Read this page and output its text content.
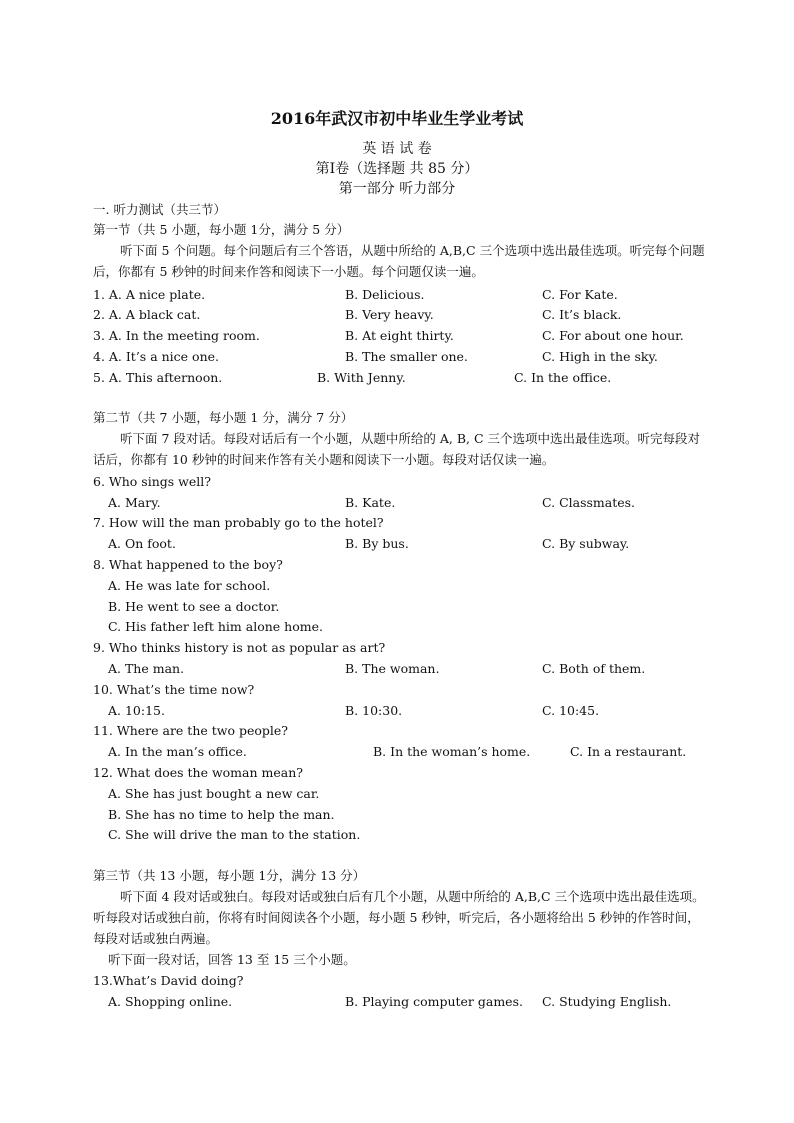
2016年武汉市初中毕业生学业考试
英 语 试 卷
第Ⅰ卷（选择题 共 85 分）
第一部分 听力部分
一. 听力测试（共三节）
第一节（共 5 小题，每小题 1分，满分 5 分）
听下面 5 个问题。每个问题后有三个答语，从题中所给的 A,B,C 三个选项中选出最佳选项。听完每个问题后，你都有 5 秒钟的时间来作答和阅读下一小题。每个问题仅读一遍。
1. A. A nice plate.	B. Delicious.	C. For Kate.
2. A. A black cat.	B. Very heavy.	C. It’s black.
3. A. In the meeting room.	B. At eight thirty.	C. For about one hour.
4. A. It’s a nice one.	B. The smaller one.	C. High in the sky.
5. A. This afternoon.	B. With Jenny.	C. In the office.
第二节（共 7 小题，每小题 1 分，满分 7 分）
听下面 7 段对话。每段对话后有一个小题，从题中所给的 A, B, C 三个选项中选出最佳选项。听完每段对话后，你都有 10 秒钟的时间来作答有关小题和阅读下一小题。每段对话仅读一遍。
6. Who sings well?
A. Mary.	B. Kate.	C. Classmates.
7. How will the man probably go to the hotel?
A. On foot.	B. By bus.	C. By subway.
8. What happened to the boy?
A. He was late for school.
B. He went to see a doctor.
C. His father left him alone home.
9. Who thinks history is not as popular as art?
A. The man.	B. The woman.	C. Both of them.
10. What’s the time now?
A. 10:15.	B. 10:30.	C. 10:45.
11. Where are the two people?
A. In the man’s office.	B. In the woman’s home.	C. In a restaurant.
12. What does the woman mean?
A. She has just bought a new car.
B. She has no time to help the man.
C. She will drive the man to the station.
第三节（共 13 小题，每小题 1分，满分 13 分）
听下面 4 段对话或独白。每段对话或独白后有几个小题，从题中所给的 A,B,C 三个选项中选出最佳选项。听每段对话或独白前，你将有时间阅读各个小题，每小题 5 秒钟，听完后，各小题将给出 5 秒钟的作答时间，每段对话或独白两遍。
听下面一段对话，回答 13 至 15 三个小题。
13.What’s David doing?
A. Shopping online.	B. Playing computer games. C. Studying English.
